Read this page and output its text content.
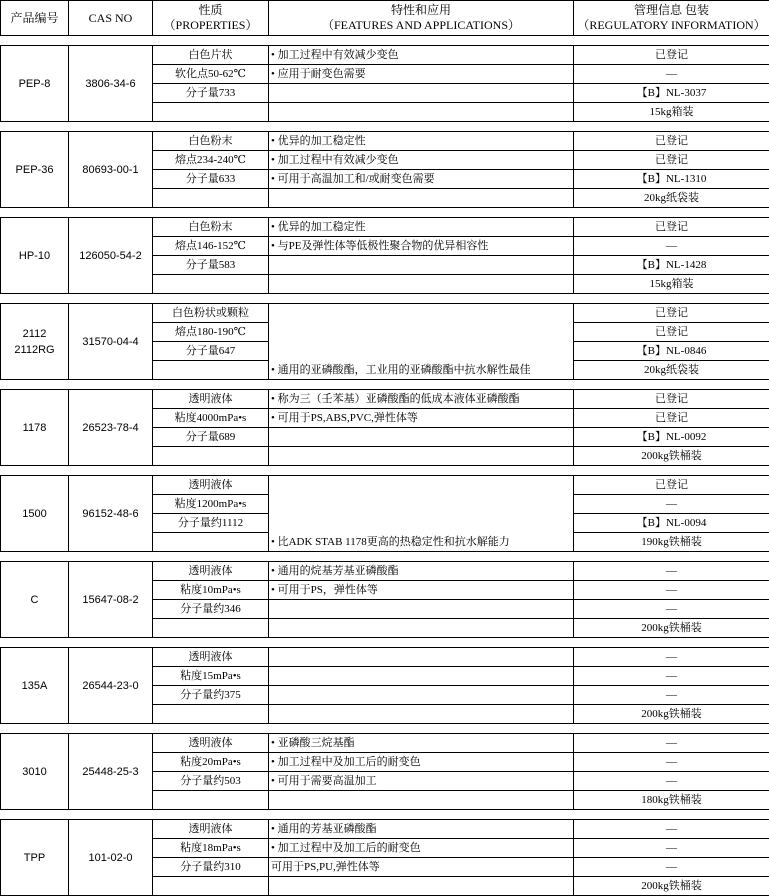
产品编号	CAS NO	性质
（PROPERTIES）	特性和应用
（FEATURES AND APPLICATIONS）	管理信息 包装
（REGULATORY INFORMATION）

PEP-8	3806-34-6	白色片状	• 加工过程中有效减少变色	已登记
		软化点50-62℃	• 应用于耐变色需要	—
		分子量733		【B】NL-3037
				15kg箱装

PEP-36	80693-00-1	白色粉末	• 优异的加工稳定性	已登记
		熔点234-240℃	• 加工过程中有效减少变色	已登记
		分子量633	• 可用于高温加工和/或耐变色需要	【B】NL-1310
				20kg纸袋装

HP-10	126050-54-2	白色粉末	• 优异的加工稳定性	已登记
		熔点146-152℃	• 与PE及弹性体等低极性聚合物的优异相容性	—
		分子量583		【B】NL-1428
				15kg箱装

2112
2112RG	31570-04-4	白色粉状或颗粒	• 通用的亚磷酸酯，工业用的亚磷酸酯中抗水解性最佳	已登记
		熔点180-190℃		已登记
		分子量647		【B】NL-0846
				20kg纸袋装

1178	26523-78-4	透明液体	• 称为三（壬苯基）亚磷酸酯的低成本液体亚磷酸酯	已登记
		粘度4000mPa•s	• 可用于PS,ABS,PVC,弹性体等	已登记
		分子量689		【B】NL-0092
				200kg铁桶装

1500	96152-48-6	透明液体	• 比ADK STAB 1178更高的热稳定性和抗水解能力	已登记
		粘度1200mPa•s		—
		分子量约1112		【B】NL-0094
				190kg铁桶装

C	15647-08-2	透明液体	• 通用的烷基芳基亚磷酸酯	—
		粘度10mPa•s	• 可用于PS，弹性体等	—
		分子量约346		—
				200kg铁桶装

135A	26544-23-0	透明液体		—
		粘度15mPa•s		—
		分子量约375		—
				200kg铁桶装

3010	25448-25-3	透明液体	• 亚磷酸三烷基酯	—
		粘度20mPa•s	• 加工过程中及加工后的耐变色	—
		分子量约503	• 可用于需要高温加工	—
				180kg铁桶装

TPP	101-02-0	透明液体	• 通用的芳基亚磷酸酯	—
		粘度18mPa•s	• 加工过程中及加工后的耐变色	—
		分子量约310	可用于PS,PU,弹性体等	—
				200kg铁桶装
